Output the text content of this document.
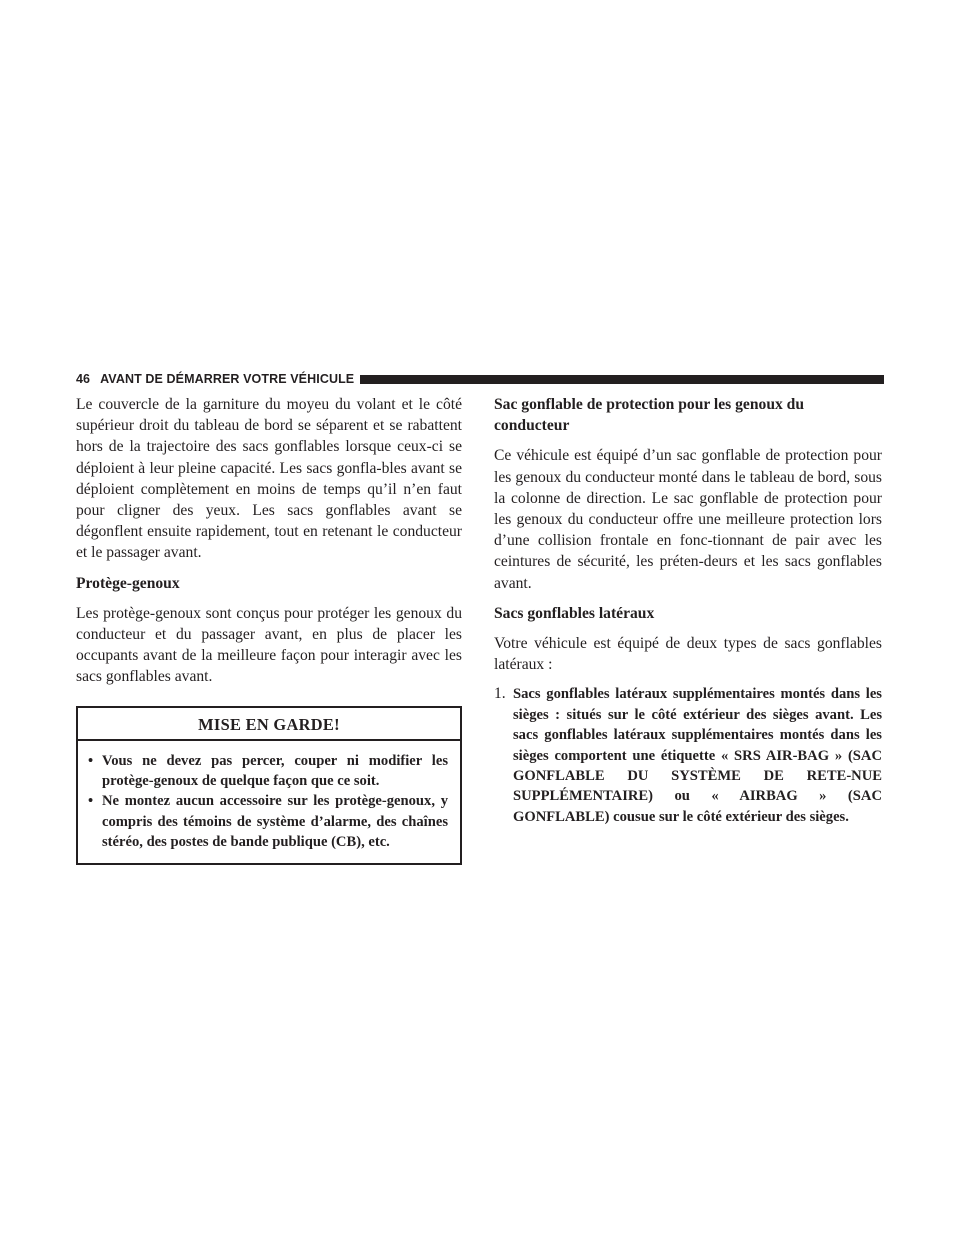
46 AVANT DE DÉMARRER VOTRE VÉHICULE

Le couvercle de la garniture du moyeu du volant et le côté supérieur droit du tableau de bord se séparent et se rabattent hors de la trajectoire des sacs gonflables lorsque ceux-ci se déploient à leur pleine capacité. Les sacs gonfla-bles avant se déploient complètement en moins de temps qu’il n’en faut pour cligner des yeux. Les sacs gonflables avant se dégonflent ensuite rapidement, tout en retenant le conducteur et le passager avant.

Protège-genoux

Les protège-genoux sont conçus pour protéger les genoux du conducteur et du passager avant, en plus de placer les occupants avant de la meilleure façon pour interagir avec les sacs gonflables avant.

MISE EN GARDE!
• Vous ne devez pas percer, couper ni modifier les protège-genoux de quelque façon que ce soit.
• Ne montez aucun accessoire sur les protège-genoux, y compris des témoins de système d’alarme, des chaînes stéréo, des postes de bande publique (CB), etc.
Sac gonflable de protection pour les genoux du conducteur

Ce véhicule est équipé d’un sac gonflable de protection pour les genoux du conducteur monté dans le tableau de bord, sous la colonne de direction. Le sac gonflable de protection pour les genoux du conducteur offre une meilleure protection lors d’une collision frontale en fonc-tionnant de pair avec les ceintures de sécurité, les préten-deurs et les sacs gonflables avant.

Sacs gonflables latéraux

Votre véhicule est équipé de deux types de sacs gonflables latéraux :

1. Sacs gonflables latéraux supplémentaires montés dans les sièges : situés sur le côté extérieur des sièges avant. Les sacs gonflables latéraux supplémentaires montés dans les sièges comportent une étiquette « SRS AIR-BAG » (SAC GONFLABLE DU SYSTÈME DE RETE-NUE SUPPLÉMENTAIRE) ou « AIRBAG » (SAC GONFLABLE) cousue sur le côté extérieur des sièges.
